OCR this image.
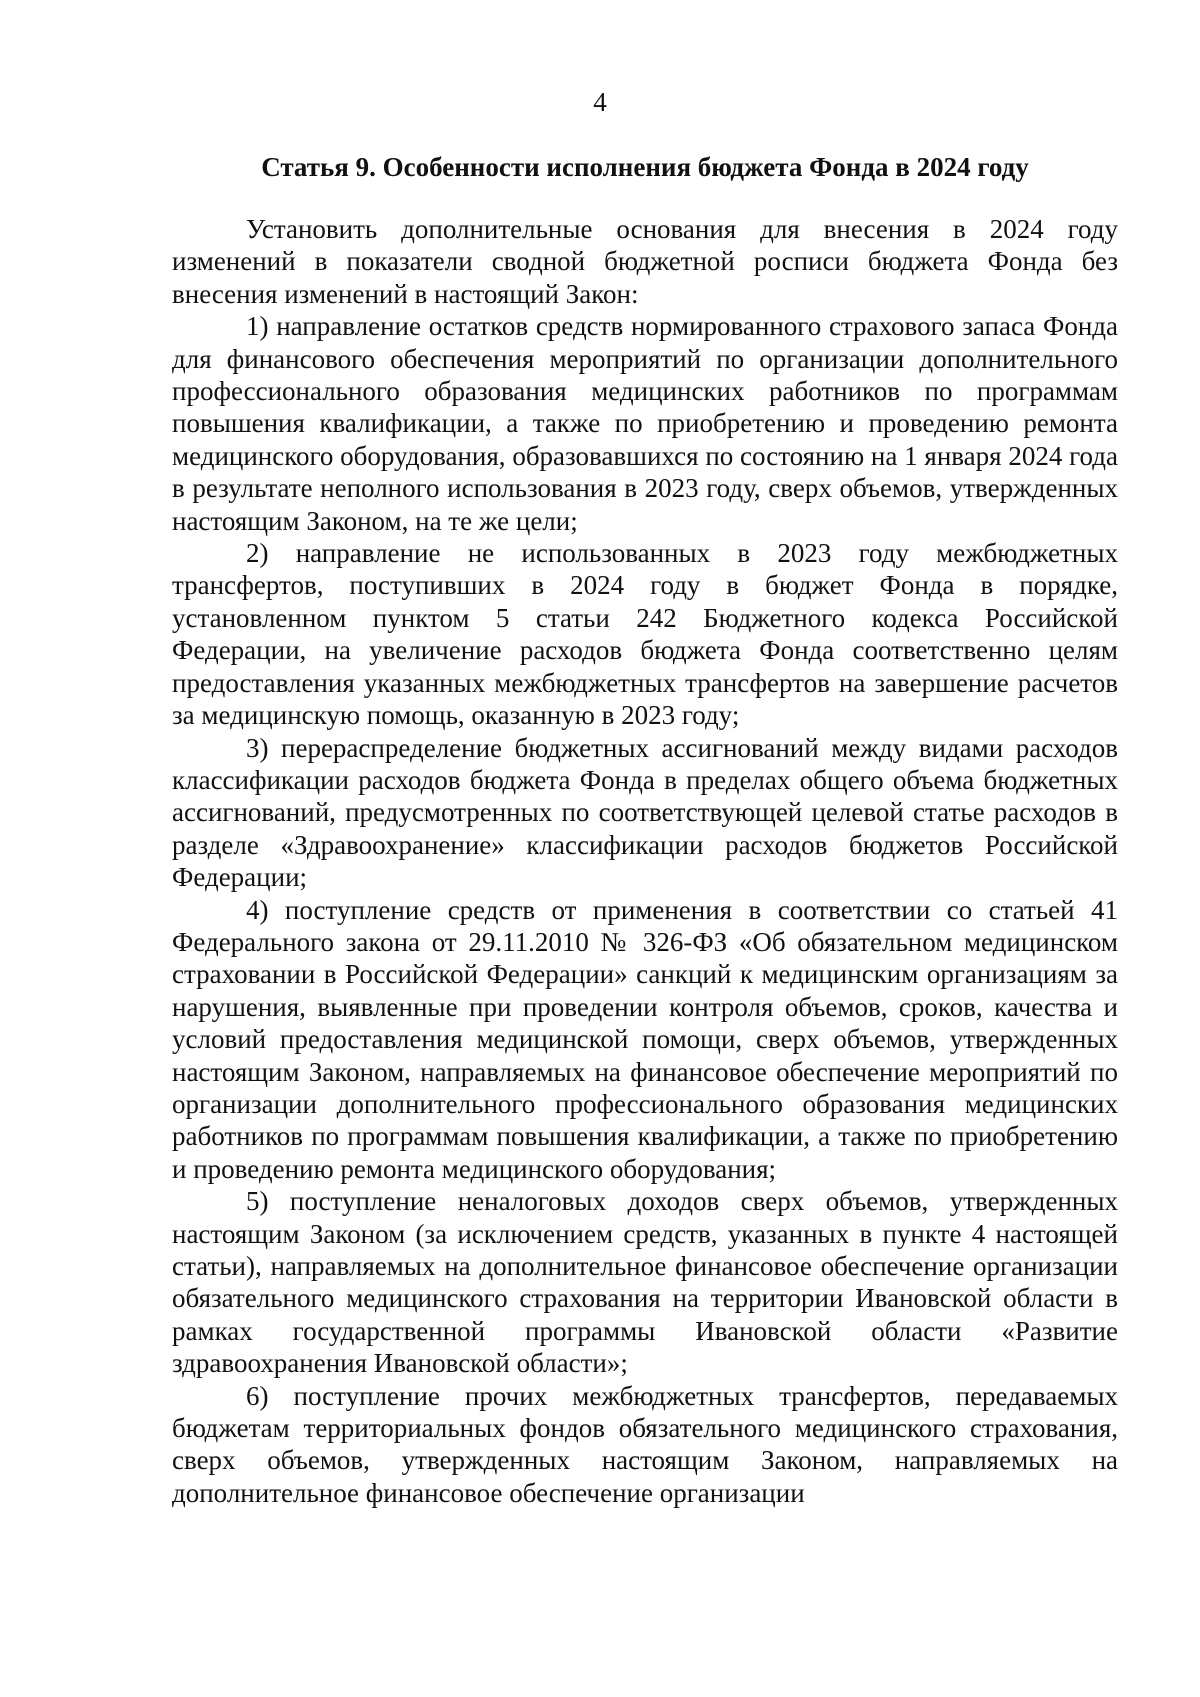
4
Статья 9. Особенности исполнения бюджета Фонда в 2024 году

Установить дополнительные основания для внесения в 2024 году изменений в показатели сводной бюджетной росписи бюджета Фонда без внесения изменений в настоящий Закон:

1) направление остатков средств нормированного страхового запаса Фонда для финансового обеспечения мероприятий по организации дополнительного профессионального образования медицинских работников по программам повышения квалификации, а также по приобретению и проведению ремонта медицинского оборудования, образовавшихся по состоянию на 1 января 2024 года в результате неполного использования в 2023 году, сверх объемов, утвержденных настоящим Законом, на те же цели;

2) направление не использованных в 2023 году межбюджетных трансфертов, поступивших в 2024 году в бюджет Фонда в порядке, установленном пунктом 5 статьи 242 Бюджетного кодекса Российской Федерации, на увеличение расходов бюджета Фонда соответственно целям предоставления указанных межбюджетных трансфертов на завершение расчетов за медицинскую помощь, оказанную в 2023 году;

3) перераспределение бюджетных ассигнований между видами расходов классификации расходов бюджета Фонда в пределах общего объема бюджетных ассигнований, предусмотренных по соответствующей целевой статье расходов в разделе «Здравоохранение» классификации расходов бюджетов Российской Федерации;

4) поступление средств от применения в соответствии со статьей 41 Федерального закона от 29.11.2010 № 326-ФЗ «Об обязательном медицинском страховании в Российской Федерации» санкций к медицинским организациям за нарушения, выявленные при проведении контроля объемов, сроков, качества и условий предоставления медицинской помощи, сверх объемов, утвержденных настоящим Законом, направляемых на финансовое обеспечение мероприятий по организации дополнительного профессионального образования медицинских работников по программам повышения квалификации, а также по приобретению и проведению ремонта медицинского оборудования;

5) поступление неналоговых доходов сверх объемов, утвержденных настоящим Законом (за исключением средств, указанных в пункте 4 настоящей статьи), направляемых на дополнительное финансовое обеспечение организации обязательного медицинского страхования на территории Ивановской области в рамках государственной программы Ивановской области «Развитие здравоохранения Ивановской области»;

6) поступление прочих межбюджетных трансфертов, передаваемых бюджетам территориальных фондов обязательного медицинского страхования, сверх объемов, утвержденных настоящим Законом, направляемых на дополнительное финансовое обеспечение организации
